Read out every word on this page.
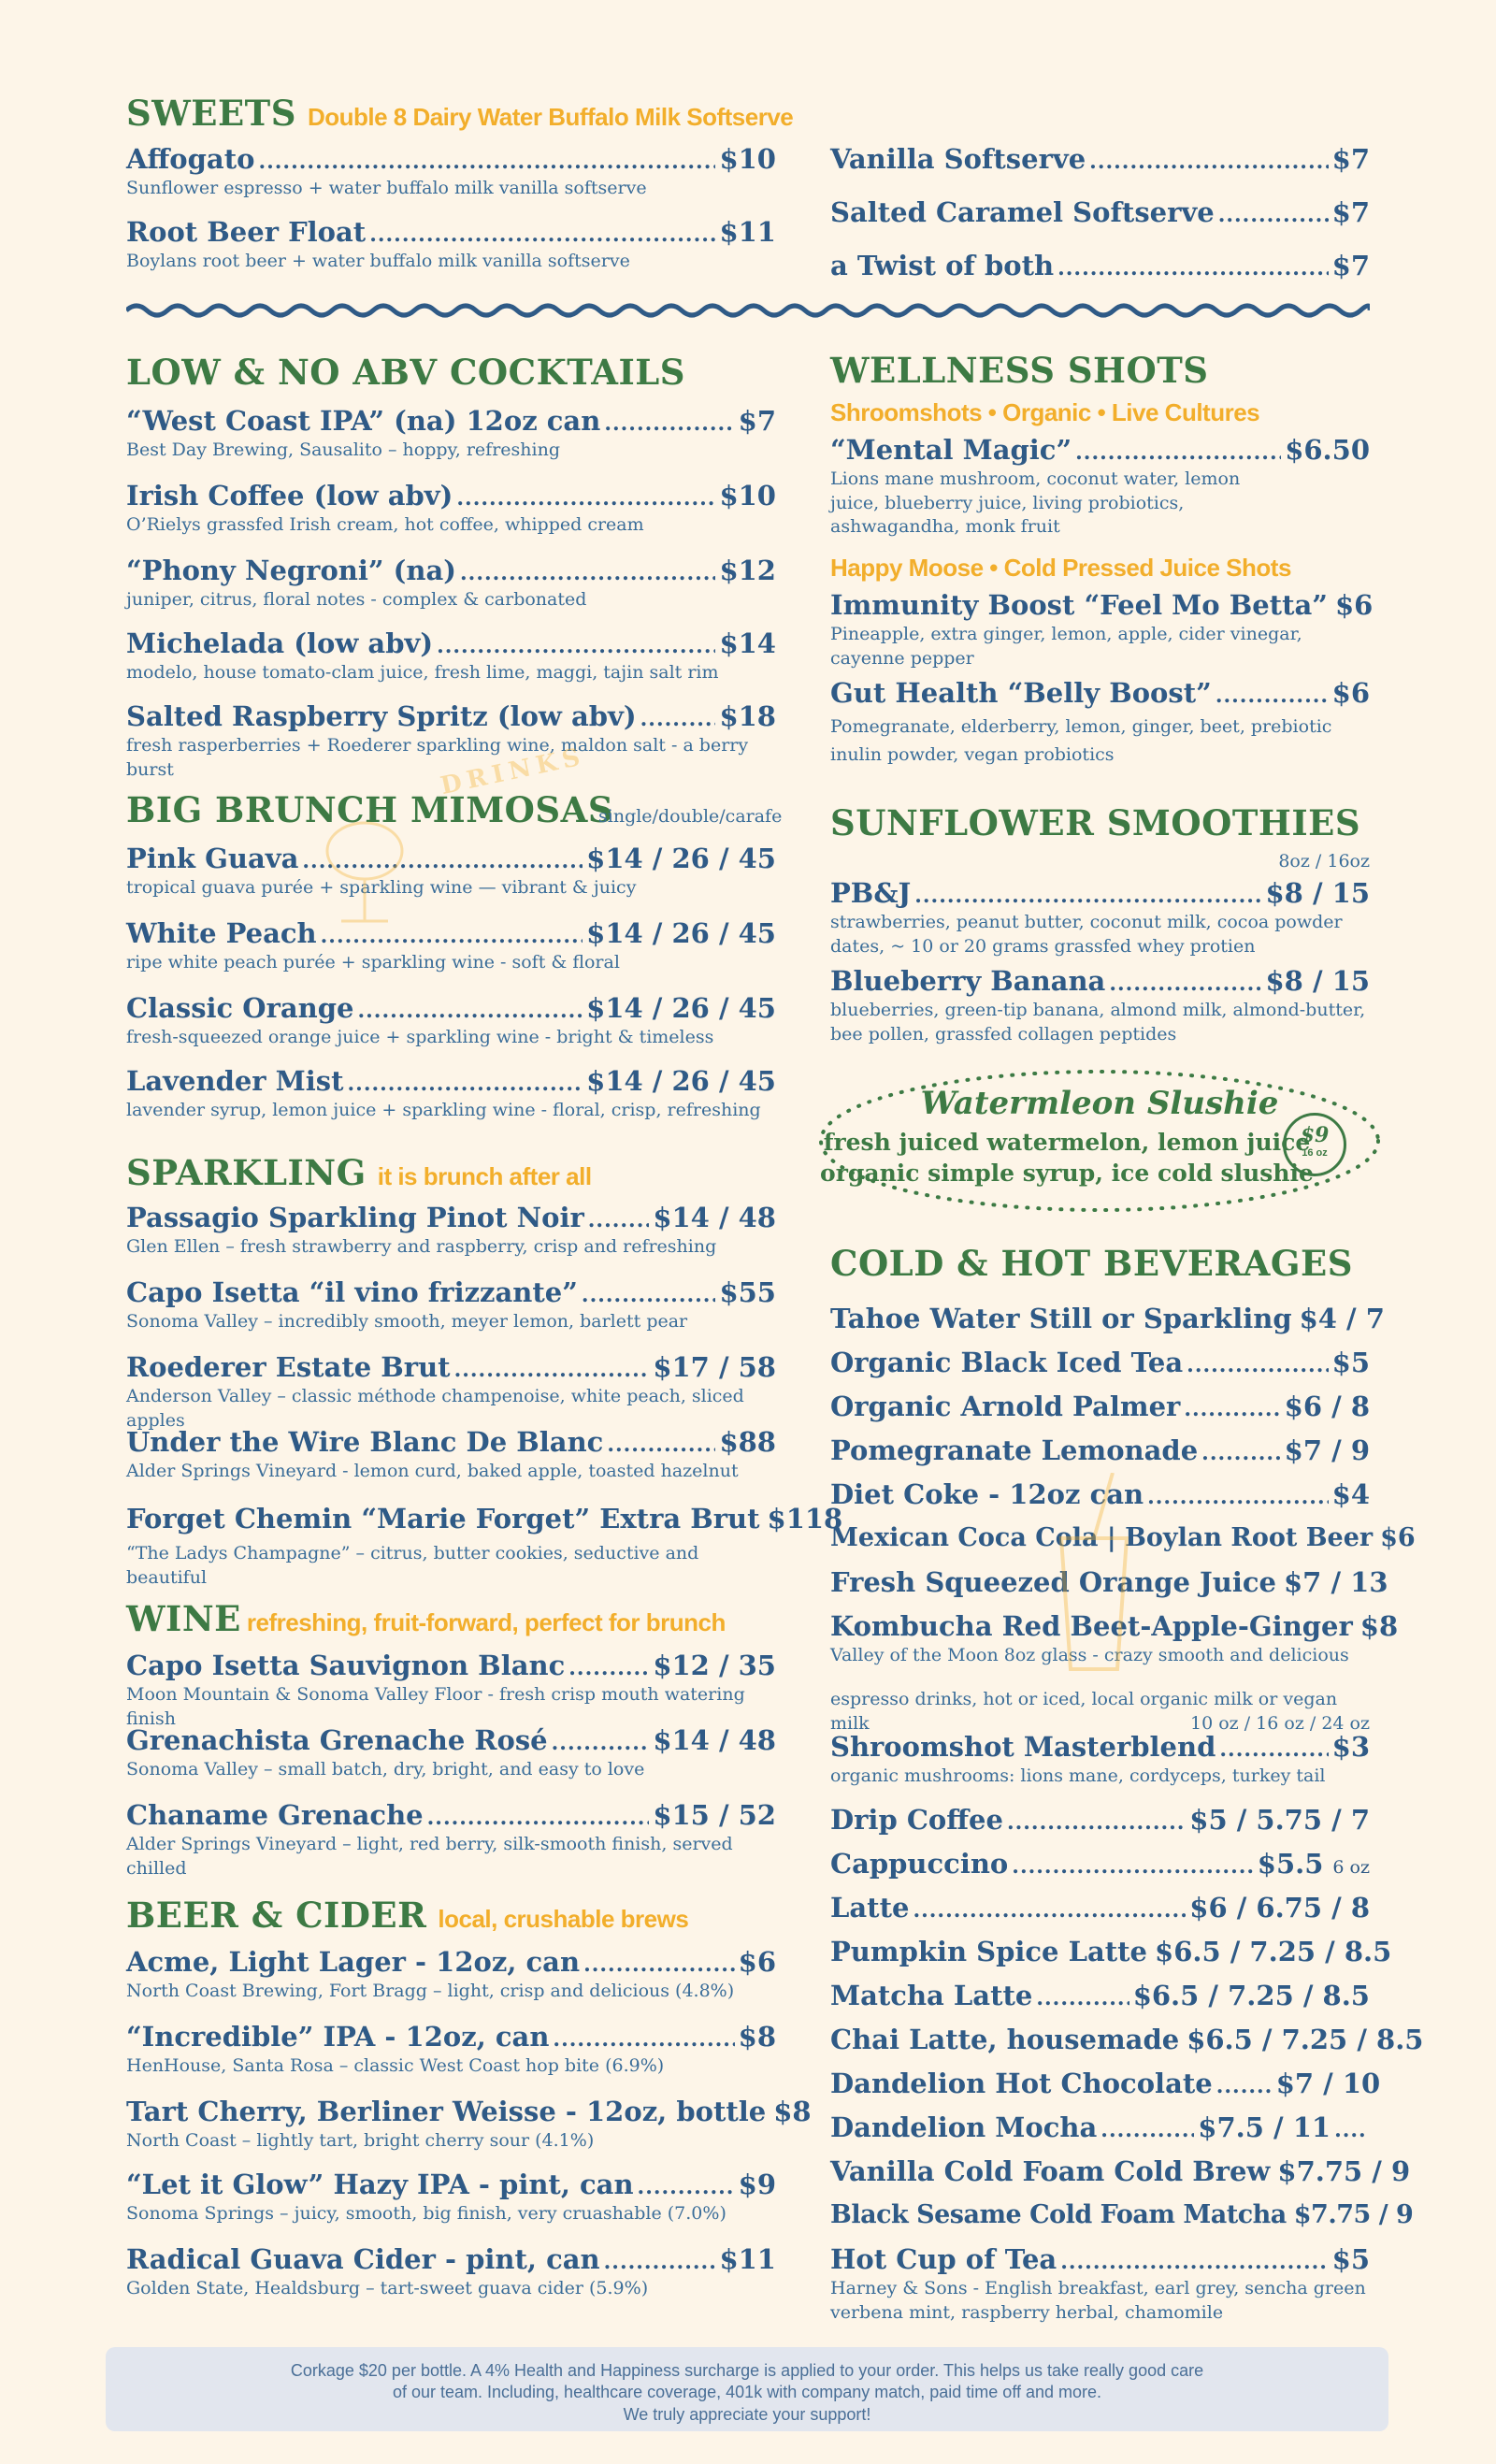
SWEETS Double 8 Dairy Water Buffalo Milk Softserve
Affogato .....	$10
Sunflower espresso + water buffalo milk vanilla softserve
Root Beer Float .....	$11
Boylans root beer + water buffalo milk vanilla softserve
Vanilla Softserve .....	$7
Salted Caramel Softserve .....	$7
a Twist of both .....	$7
LOW & NO ABV COCKTAILS
“West Coast IPA” (na) 12oz can .....	$7
Best Day Brewing, Sausalito – hoppy, refreshing
Irish Coffee (low abv) .....	$10
O’Rielys grassfed Irish cream, hot coffee, whipped cream
“Phony Negroni” (na) .....	$12
juniper, citrus, floral notes - complex & carbonated
Michelada (low abv) .....	$14
modelo, house tomato-clam juice, fresh lime, maggi, tajin salt rim
Salted Raspberry Spritz (low abv) .....	$18
fresh rasperberries + Roederer sparkling wine, maldon salt - a berry burst
BIG BRUNCH MIMOSAS
single/double/carafe
Pink Guava .....	$14 / 26 / 45
tropical guava purée + sparkling wine — vibrant & juicy
White Peach .....	$14 / 26 / 45
ripe white peach purée + sparkling wine - soft & floral
Classic Orange .....	$14 / 26 / 45
fresh-squeezed orange juice + sparkling wine - bright & timeless
Lavender Mist .....	$14 / 26 / 45
lavender syrup, lemon juice + sparkling wine - floral, crisp, refreshing
DRINKS
SPARKLING it is brunch after all
Passagio Sparkling Pinot Noir .....	$14 / 48
Glen Ellen – fresh strawberry and raspberry, crisp and refreshing
Capo Isetta “il vino frizzante” .....	$55
Sonoma Valley – incredibly smooth, meyer lemon, barlett pear
Roederer Estate Brut .....	$17 / 58
Anderson Valley – classic méthode champenoise, white peach, sliced apples
Under the Wire Blanc De Blanc .....	$88
Alder Springs Vineyard - lemon curd, baked apple, toasted hazelnut
Forget Chemin “Marie Forget” Extra Brut $118
“The Ladys Champagne” – citrus, butter cookies, seductive and beautiful
WINE refreshing, fruit-forward, perfect for brunch
Capo Isetta Sauvignon Blanc .....	$12 / 35
Moon Mountain & Sonoma Valley Floor - fresh crisp mouth watering finish
Grenachista Grenache Rosé .....	$14 / 48
Sonoma Valley – small batch, dry, bright, and easy to love
Chaname Grenache .....	$15 / 52
Alder Springs Vineyard – light, red berry, silk-smooth finish, served chilled
BEER & CIDER local, crushable brews
Acme, Light Lager - 12oz, can .....	$6
North Coast Brewing, Fort Bragg – light, crisp and delicious (4.8%)
“Incredible” IPA - 12oz, can .....	$8
HenHouse, Santa Rosa – classic West Coast hop bite (6.9%)
Tart Cherry, Berliner Weisse - 12oz, bottle $8
North Coast – lightly tart, bright cherry sour (4.1%)
“Let it Glow” Hazy IPA - pint, can .....	$9
Sonoma Springs – juicy, smooth, big finish, very cruashable (7.0%)
Radical Guava Cider - pint, can .....	$11
Golden State, Healdsburg – tart-sweet guava cider (5.9%)
WELLNESS SHOTS
Shroomshots • Organic • Live Cultures
“Mental Magic” .....	$6.50
Lions mane mushroom, coconut water, lemon juice, blueberry juice, living probiotics, ashwagandha, monk fruit
Happy Moose • Cold Pressed Juice Shots
Immunity Boost “Feel Mo Betta” $6
Pineapple, extra ginger, lemon, apple, cider vinegar, cayenne pepper
Gut Health “Belly Boost” .....	$6
Pomegranate, elderberry, lemon, ginger, beet, prebiotic inulin powder, vegan probiotics
SUNFLOWER SMOOTHIES
8oz / 16oz
PB&J .....	$8 / 15
strawberries, peanut butter, coconut milk, cocoa powder dates, ~ 10 or 20 grams grassfed whey protien
Blueberry Banana .....	$8 / 15
blueberries, green-tip banana, almond milk, almond-butter, bee pollen, grassfed collagen peptides
Watermleon Slushie
fresh juiced watermelon, lemon juice
organic simple syrup, ice cold slushie
$9
16 oz
COLD & HOT BEVERAGES
Tahoe Water Still or Sparkling $4 / 7
Organic Black Iced Tea .....	$5
Organic Arnold Palmer .....	$6 / 8
Pomegranate Lemonade .....	$7 / 9
Diet Coke - 12oz can .....	$4
Mexican Coca Cola | Boylan Root Beer $6
Fresh Squeezed Orange Juice $7 / 13
Kombucha Red Beet-Apple-Ginger $8
Valley of the Moon 8oz glass - crazy smooth and delicious
espresso drinks, hot or iced, local organic milk or vegan milk	10 oz / 16 oz / 24 oz
Shroomshot Masterblend .....	$3
organic mushrooms: lions mane, cordyceps, turkey tail
Drip Coffee .....	$5 / 5.75 / 7
Cappuccino .....	$5.5 6 oz
Latte .....	$6 / 6.75 / 8
Pumpkin Spice Latte $6.5 / 7.25 / 8.5
Matcha Latte .....	$6.5 / 7.25 / 8.5
Chai Latte, housemade $6.5 / 7.25 / 8.5
Dandelion Hot Chocolate ..... $7 / 10
Dandelion Mocha .....	$7.5 / 11
.....
Vanilla Cold Foam Cold Brew $7.75 / 9
Black Sesame Cold Foam Matcha $7.75 / 9
Hot Cup of Tea .....	$5
Harney & Sons - English breakfast, earl grey, sencha green verbena mint, raspberry herbal, chamomile

Corkage $20 per bottle. A 4% Health and Happiness surcharge is applied to your order. This helps us take really good care

of our team. Including, healthcare coverage, 401k with company match, paid time off and more.

We truly appreciate your support!
